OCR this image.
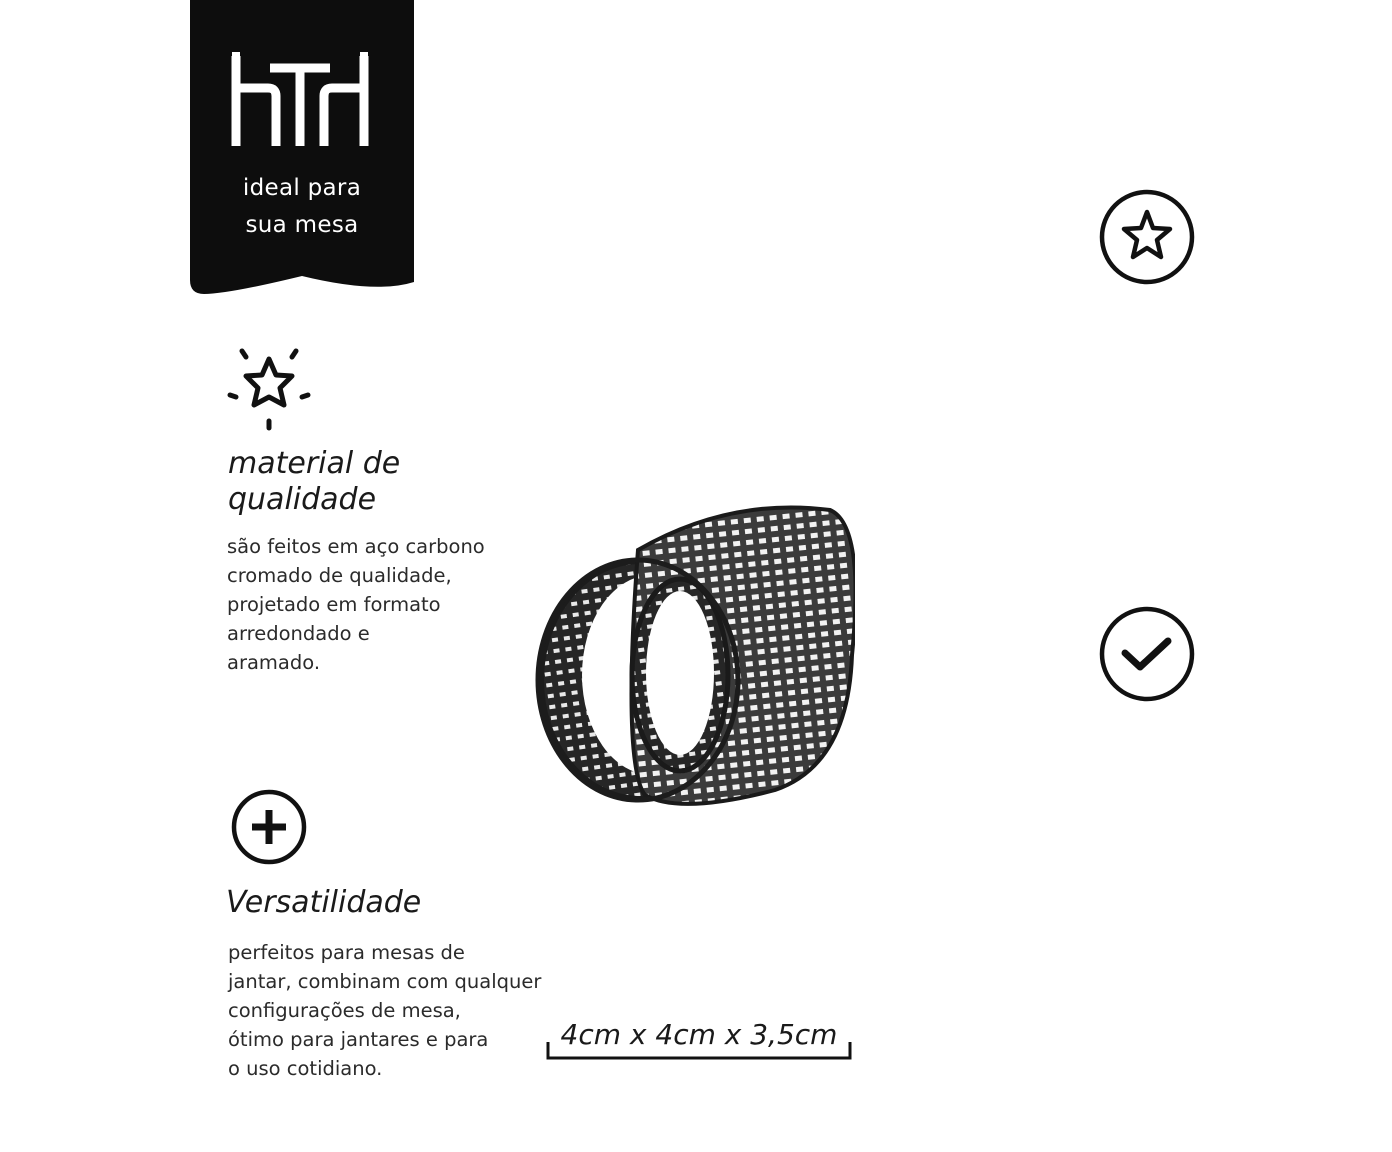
ideal para
sua mesa
material de
qualidade
são feitos em aço carbono
cromado de qualidade,
projetado em formato
arredondado e
aramado.
Versatilidade
perfeitos para mesas de
jantar, combinam com qualquer
configurações de mesa,
ótimo para jantares e para
o uso cotidiano.
4cm x 4cm x 3,5cm
